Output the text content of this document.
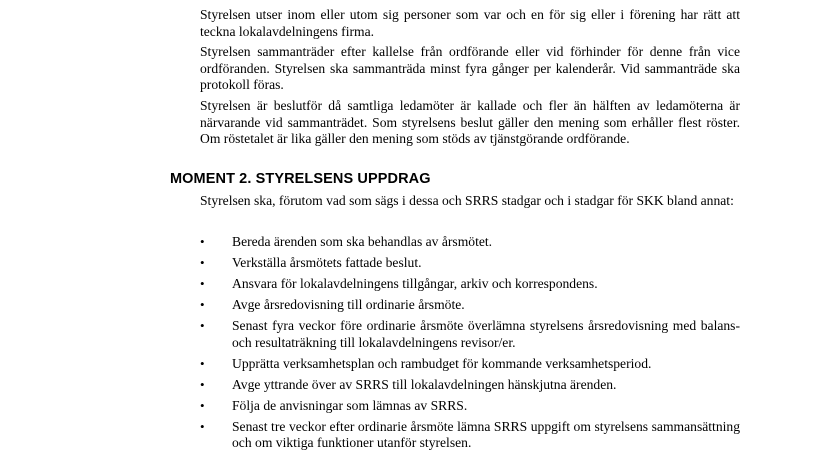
Styrelsen utser inom eller utom sig personer som var och en för sig eller i förening har rätt att teckna lokalavdelningens firma.

Styrelsen sammanträder efter kallelse från ordförande eller vid förhinder för denne från vice ordföranden. Styrelsen ska sammanträda minst fyra gånger per kalenderår. Vid sammanträde ska protokoll föras.

Styrelsen är beslutför då samtliga ledamöter är kallade och fler än hälften av ledamöterna är närvarande vid sammanträdet. Som styrelsens beslut gäller den mening som erhåller flest röster. Om röstetalet är lika gäller den mening som stöds av tjänstgörande ordförande.

MOMENT 2. STYRELSENS UPPDRAG

Styrelsen ska, förutom vad som sägs i dessa och SRRS stadgar och i stadgar för SKK bland annat:

•	Bereda ärenden som ska behandlas av årsmötet.
•	Verkställa årsmötets fattade beslut.
•	Ansvara för lokalavdelningens tillgångar, arkiv och korrespondens.
•	Avge årsredovisning till ordinarie årsmöte.
•	Senast fyra veckor före ordinarie årsmöte överlämna styrelsens årsredovisning med balans- och resultaträkning till lokalavdelningens revisor/er.
•	Upprätta verksamhetsplan och rambudget för kommande verksamhetsperiod.
•	Avge yttrande över av SRRS till lokalavdelningen hänskjutna ärenden.
•	Följa de anvisningar som lämnas av SRRS.
•	Senast tre veckor efter ordinarie årsmöte lämna SRRS uppgift om styrelsens sammansättning och om viktiga funktioner utanför styrelsen.
